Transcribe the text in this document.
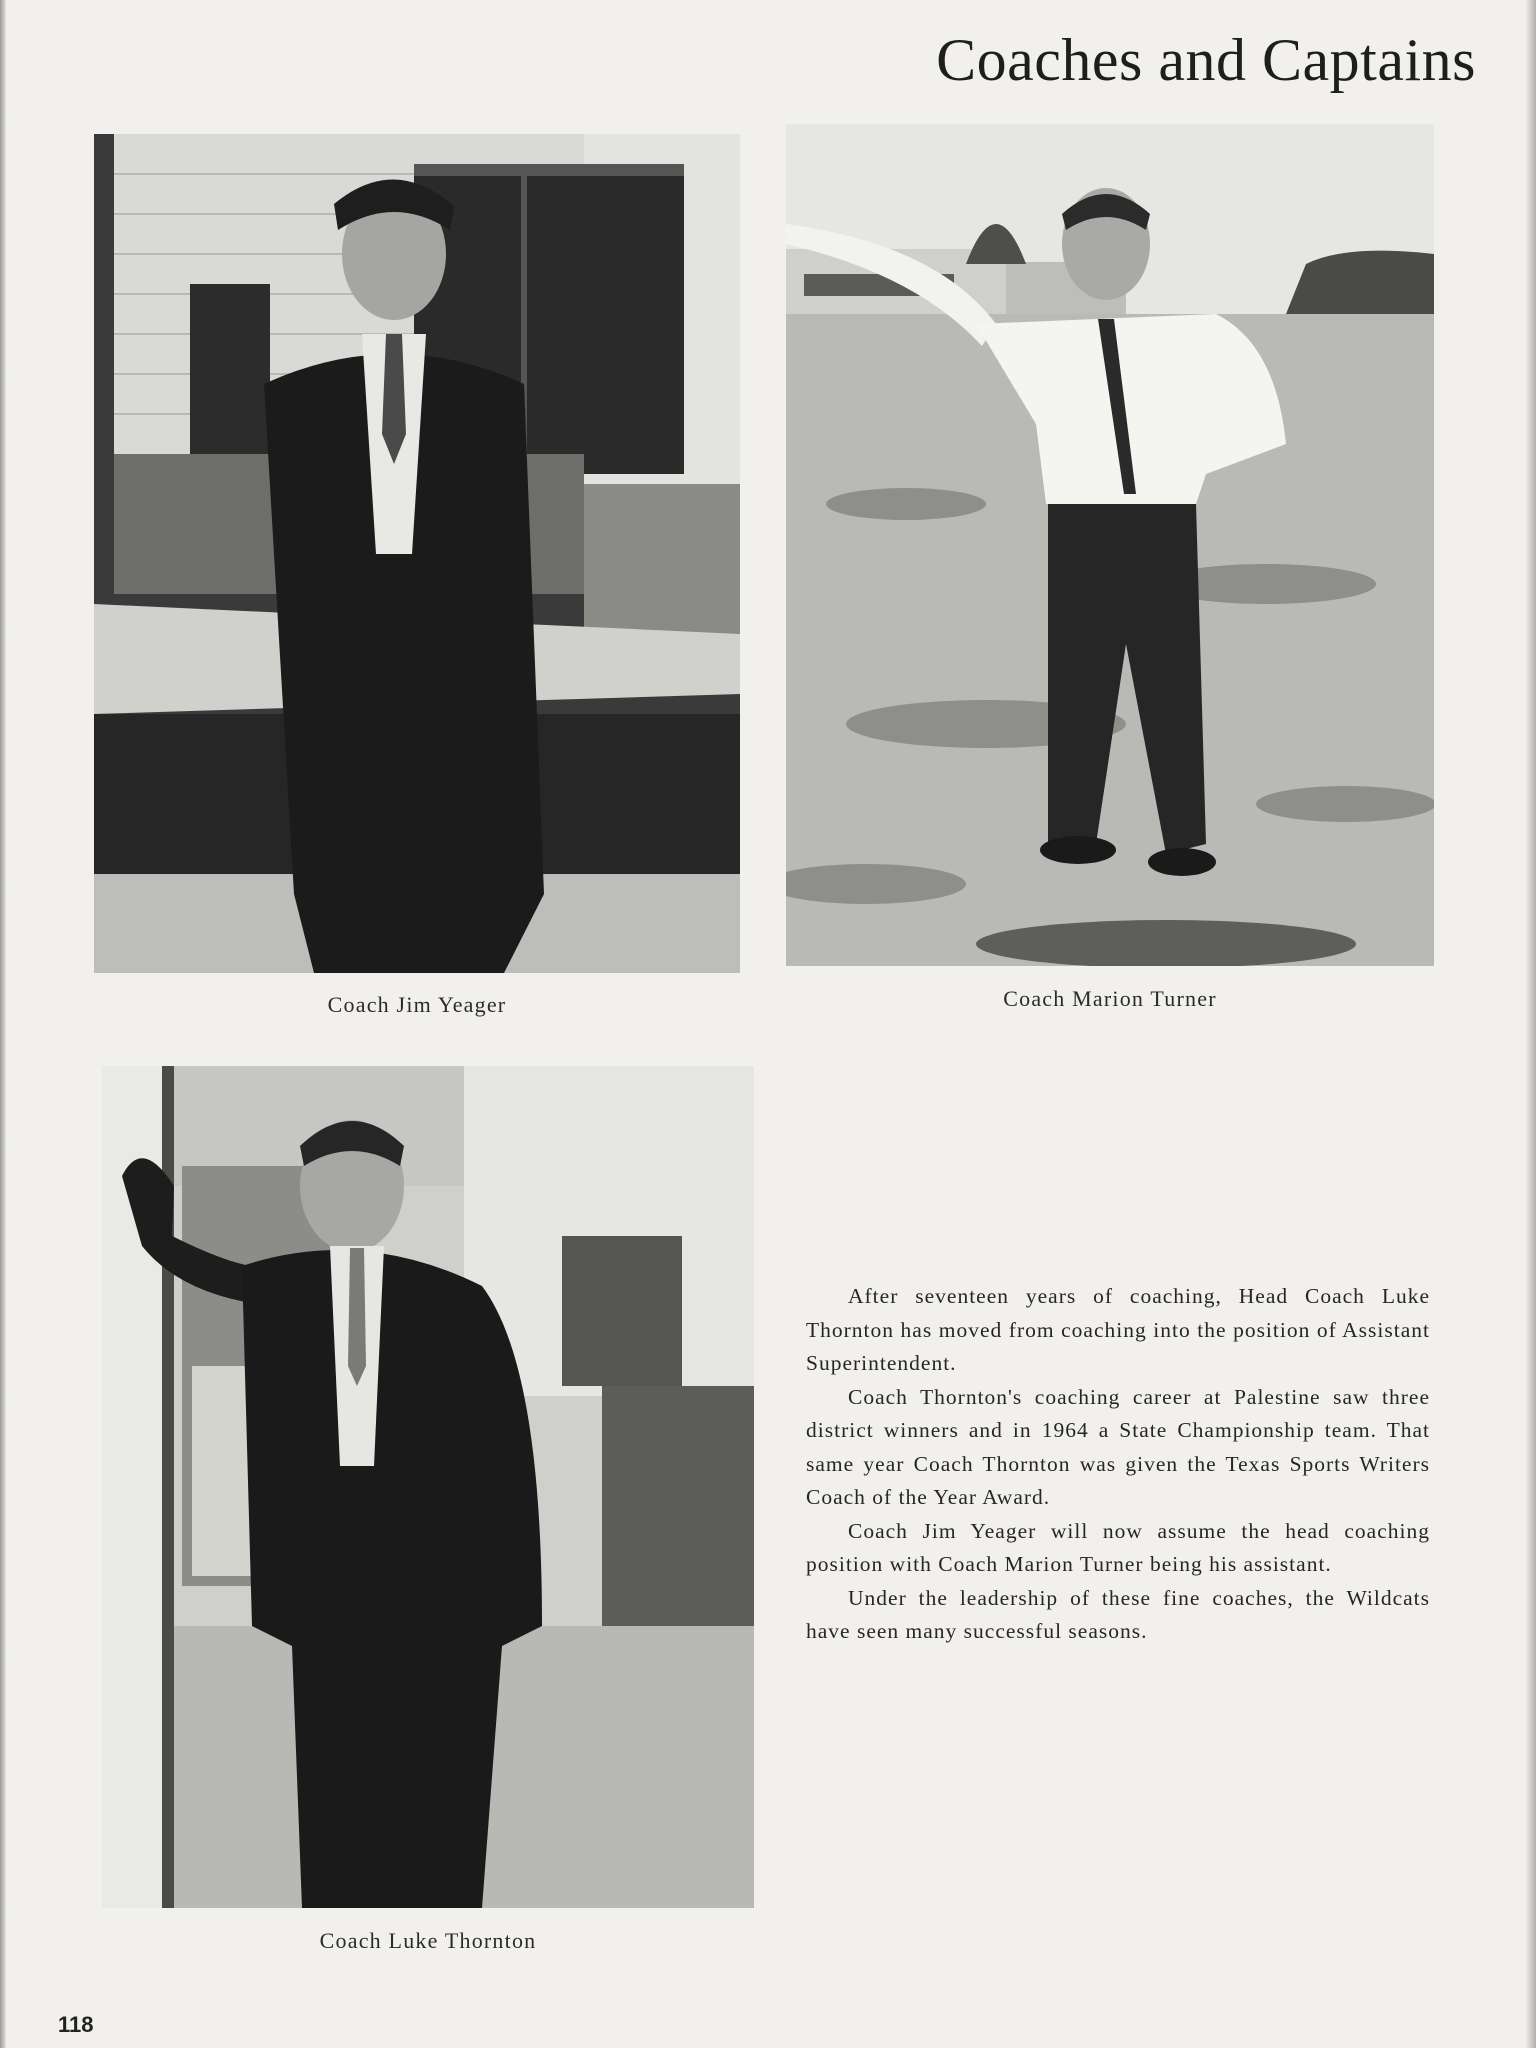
Coaches and Captains

Coach Jim Yeager	Coach Marion Turner

Coach Luke Thornton

After seventeen years of coaching, Head Coach Luke Thornton has moved from coaching into the position of Assistant Superintendent.

Coach Thornton's coaching career at Palestine saw three district winners and in 1964 a State Championship team. That same year Coach Thornton was given the Texas Sports Writers Coach of the Year Award.

Coach Jim Yeager will now assume the head coaching position with Coach Marion Turner being his assistant.

Under the leadership of these fine coaches, the Wildcats have seen many successful seasons.

118
